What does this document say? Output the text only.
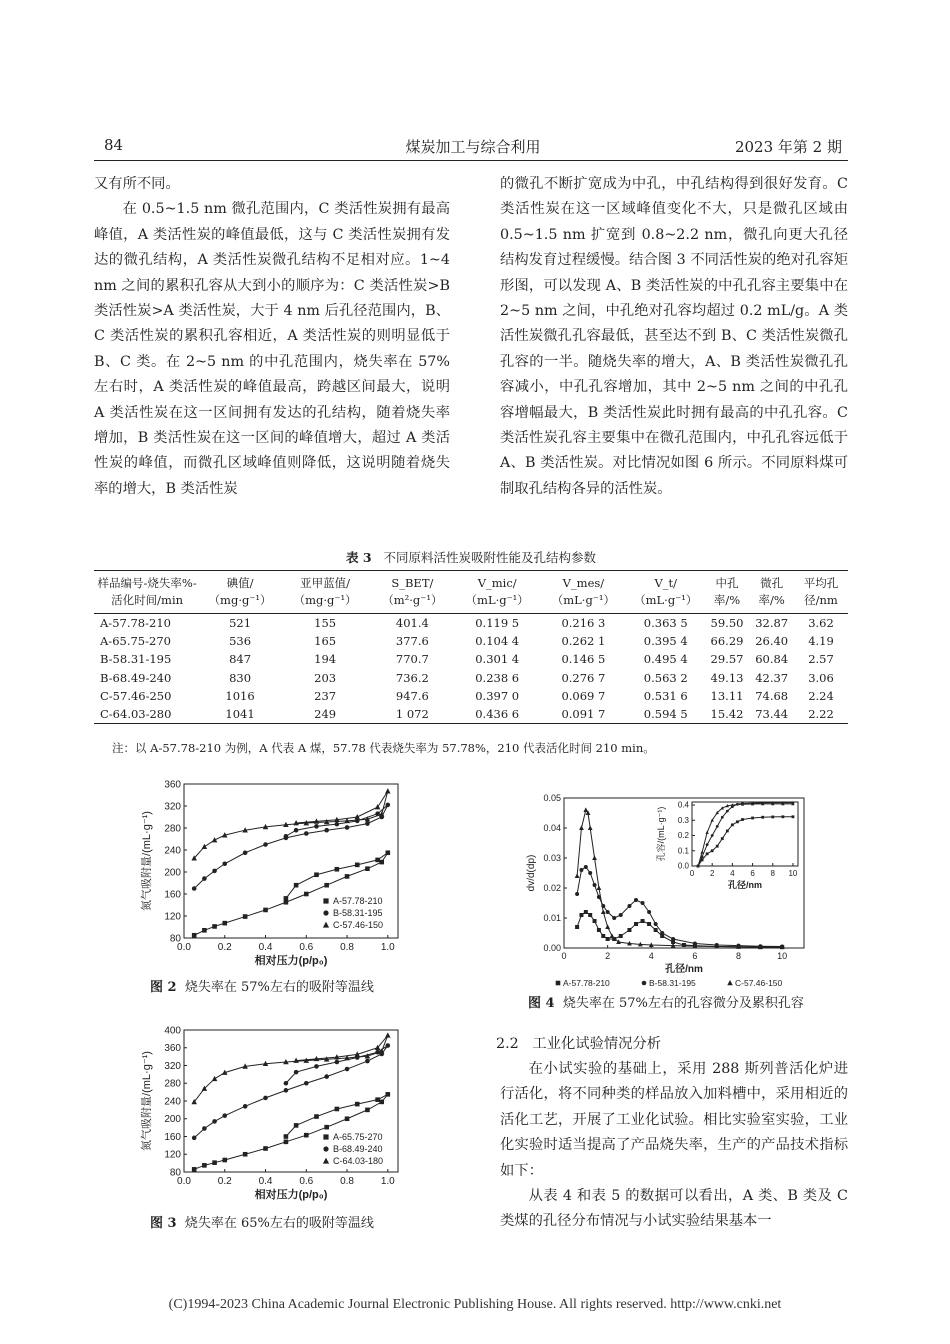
84	煤炭加工与综合利用	2023 年第 2 期

又有所不同。

在 0.5~1.5 nm 微孔范围内，C 类活性炭拥有最高峰值，A 类活性炭的峰值最低，这与 C 类活性炭拥有发达的微孔结构，A 类活性炭微孔结构不足相对应。1~4 nm 之间的累积孔容从大到小的顺序为：C 类活性炭>B 类活性炭>A 类活性炭，大于 4 nm 后孔径范围内，B、C 类活性炭的累积孔容相近，A 类活性炭的则明显低于 B、C 类。在 2~5 nm 的中孔范围内，烧失率在 57% 左右时，A 类活性炭的峰值最高，跨越区间最大，说明 A 类活性炭在这一区间拥有发达的孔结构，随着烧失率增加，B 类活性炭在这一区间的峰值增大，超过 A 类活性炭的峰值，而微孔区域峰值则降低，这说明随着烧失率的增大，B 类活性炭

的微孔不断扩宽成为中孔，中孔结构得到很好发育。C 类活性炭在这一区域峰值变化不大，只是微孔区域由 0.5~1.5 nm 扩宽到 0.8~2.2 nm，微孔向更大孔径结构发育过程缓慢。结合图 3 不同活性炭的绝对孔容矩形图，可以发现 A、B 类活性炭的中孔孔容主要集中在 2~5 nm 之间，中孔绝对孔容均超过 0.2 mL/g。A 类活性炭微孔孔容最低，甚至达不到 B、C 类活性炭微孔孔容的一半。随烧失率的增大，A、B 类活性炭微孔孔容减小，中孔孔容增加，其中 2~5 nm 之间的中孔孔容增幅最大，B 类活性炭此时拥有最高的中孔孔容。C 类活性炭孔容主要集中在微孔范围内，中孔孔容远低于 A、B 类活性炭。对比情况如图 6 所示。不同原料煤可制取孔结构各异的活性炭。

表 3 不同原料活性炭吸附性能及孔结构参数
样品编号-烧失率%-活化时间/min	碘值/（mg·g⁻¹）	亚甲蓝值/（mg·g⁻¹）	S_BET/（m²·g⁻¹）	V_mic/（mL·g⁻¹）	V_mes/（mL·g⁻¹）	V_t/（mL·g⁻¹）	中孔率/%	微孔率/%	平均孔径/nm
A-57.78-210	521	155	401.4	0.119 5	0.216 3	0.363 5	59.50	32.87	3.62
A-65.75-270	536	165	377.6	0.104 4	0.262 1	0.395 4	66.29	26.40	4.19
B-58.31-195	847	194	770.7	0.301 4	0.146 5	0.495 4	29.57	60.84	2.57
B-68.49-240	830	203	736.2	0.238 6	0.276 7	0.563 2	49.13	42.37	3.06
C-57.46-250	1016	237	947.6	0.397 0	0.069 7	0.531 6	13.11	74.68	2.24
C-64.03-280	1041	249	1 072	0.436 6	0.091 7	0.594 5	15.42	73.44	2.22
注：以 A-57.78-210 为例，A 代表 A 煤，57.78 代表烧失率为 57.78%，210 代表活化时间 210 min。
0.0	0.2	0.4	0.6	0.8	1.0
80
120
160
200
240
280
320
360
相对压力(p/p₀)
氮气吸附量/(mL·g⁻¹)	A-57.78-210
B-58.31-195
C-57.46-150
图 2 烧失率在 57%左右的吸附等温线
0.0	0.2	0.4	0.6	0.8	1.0
80
120
160
200
240
280
320
360
400
相对压力(p/p₀)
氮气吸附量/(mL·g⁻¹)	A-65.75-270
B-68.49-240
C-64.03-180
图 3 烧失率在 65%左右的吸附等温线
0	2	4	6	8	10
0.00
0.01
0.02
0.03
0.04
0.05
孔径/nm
dv/d(dp)	0 2 4 6 8 10
0.0
0.1
0.2
0.3
0.4
孔径/nm
孔容/(mL·g⁻¹)
A-57.78-210	B-58.31-195	C-57.46-150
图 4 烧失率在 57%左右的孔容微分及累积孔容
2.2 工业化试验情况分析

在小试实验的基础上，采用 288 斯列普活化炉进行活化，将不同种类的样品放入加料槽中，采用相近的活化工艺，开展了工业化试验。相比实验室实验，工业化实验时适当提高了产品烧失率，生产的产品技术指标如下：

从表 4 和表 5 的数据可以看出，A 类、B 类及 C 类煤的孔径分布情况与小试实验结果基本一

(C)1994-2023 China Academic Journal Electronic Publishing House. All rights reserved. http://www.cnki.net
